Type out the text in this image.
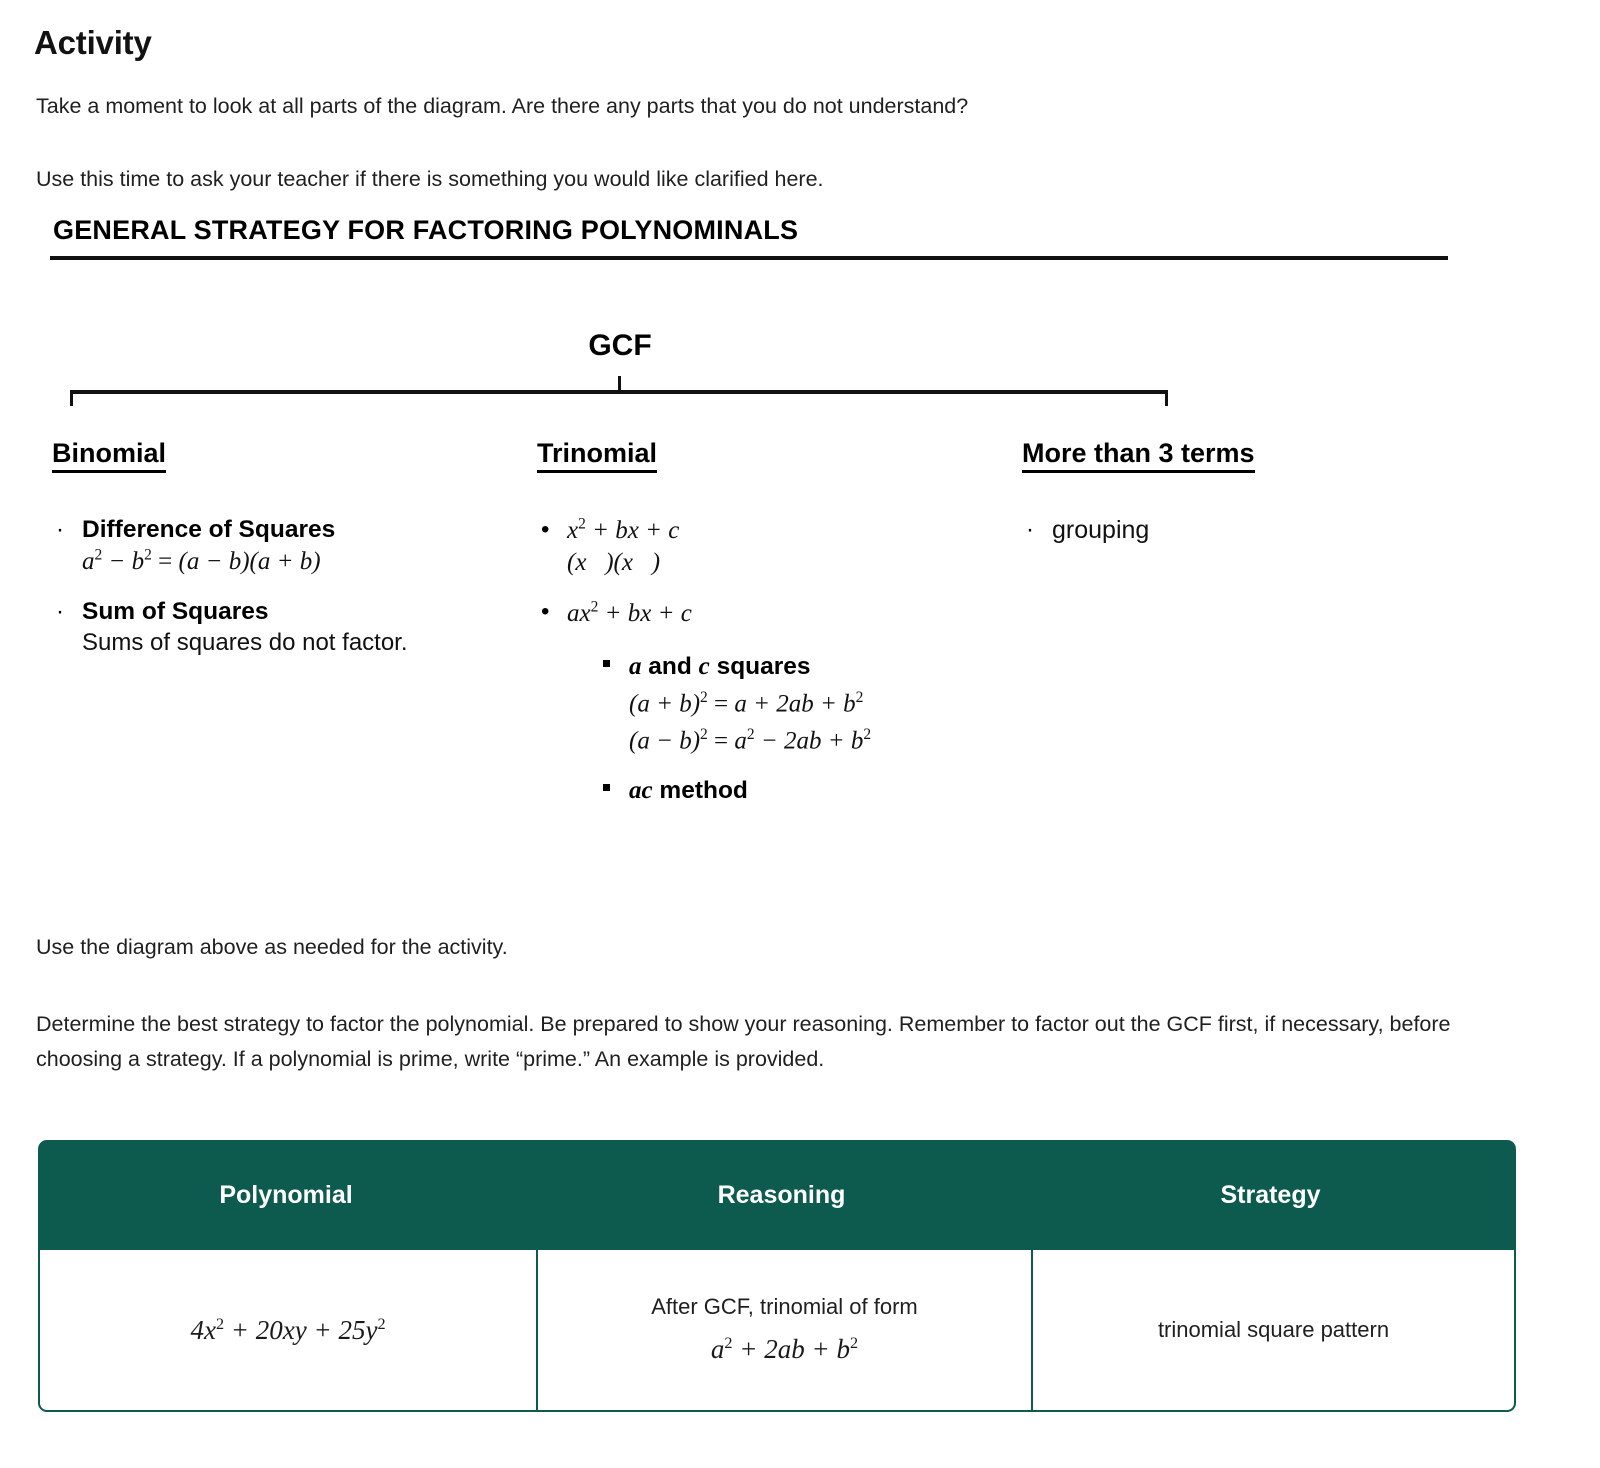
Activity

Take a moment to look at all parts of the diagram. Are there any parts that you do not understand?

Use this time to ask your teacher if there is something you would like clarified here.

GENERAL STRATEGY FOR FACTORING POLYNOMINALS
GCF
Binomial
· Difference of Squares
$a^2 - b^2 = (a - b)(a + b)$
· Sum of Squares
Sums of squares do not factor.
Trinomial
• $x^2$ + bx + c
(x   )(x   )
• $ax^2$ + bx + c
a and c squares
$(a + b)^2 = a + 2ab + b^2$
$(a - b)^2 = a^2 - 2ab + b^2$
ac method
More than 3 terms
· grouping

Use the diagram above as needed for the activity.

Determine the best strategy to factor the polynomial. Be prepared to show your reasoning. Remember to factor out the GCF first, if necessary, before choosing a strategy. If a polynomial is prime, write “prime.” An example is provided.

Polynomial	Reasoning	Strategy
$4x^2 + 20xy + 25y^2$
After GCF, trinomial of form
$a^2 + 2ab + b^2$
trinomial square pattern
